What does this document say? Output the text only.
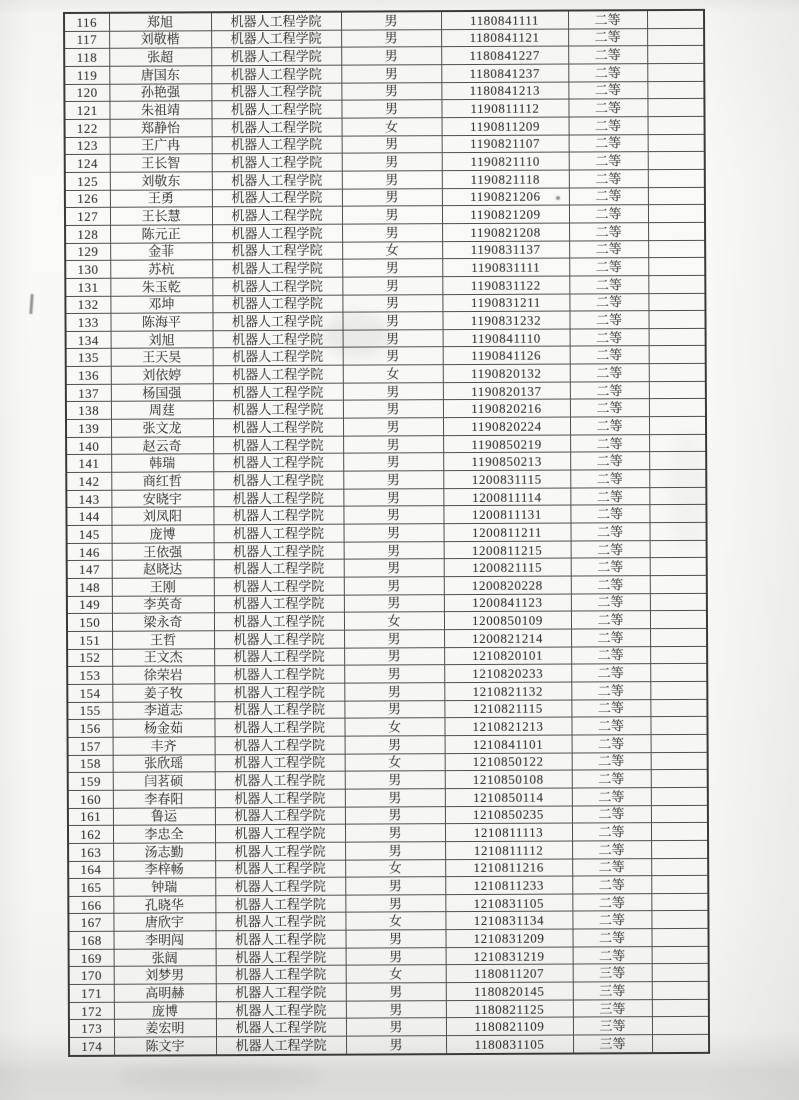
116	郑旭	机器人工程学院	男	1180841111	二等	
117	刘敬楷	机器人工程学院	男	1180841121	二等	
118	张超	机器人工程学院	男	1180841227	二等	
119	唐国东	机器人工程学院	男	1180841237	二等	
120	孙艳强	机器人工程学院	男	1180841213	二等	
121	朱祖靖	机器人工程学院	男	1190811112	二等	
122	郑静怡	机器人工程学院	女	1190811209	二等	
123	王广冉	机器人工程学院	男	1190821107	二等	
124	王长智	机器人工程学院	男	1190821110	二等	
125	刘敬东	机器人工程学院	男	1190821118	二等	
126	王勇	机器人工程学院	男	1190821206	二等	
127	王长慧	机器人工程学院	男	1190821209	二等	
128	陈元正	机器人工程学院	男	1190821208	二等	
129	金菲	机器人工程学院	女	1190831137	二等	
130	苏杭	机器人工程学院	男	1190831111	二等	
131	朱玉乾	机器人工程学院	男	1190831122	二等	
132	邓坤	机器人工程学院	男	1190831211	二等	
133	陈海平	机器人工程学院	男	1190831232	二等	
134	刘旭	机器人工程学院	男	1190841110	二等	
135	王天昊	机器人工程学院	男	1190841126	二等	
136	刘依婷	机器人工程学院	女	1190820132	二等	
137	杨国强	机器人工程学院	男	1190820137	二等	
138	周莛	机器人工程学院	男	1190820216	二等	
139	张文龙	机器人工程学院	男	1190820224	二等	
140	赵云奇	机器人工程学院	男	1190850219	二等	
141	韩瑞	机器人工程学院	男	1190850213	二等	
142	商红哲	机器人工程学院	男	1200831115	二等	
143	安晓宇	机器人工程学院	男	1200811114	二等	
144	刘凤阳	机器人工程学院	男	1200811131	二等	
145	庞博	机器人工程学院	男	1200811211	二等	
146	王依强	机器人工程学院	男	1200811215	二等	
147	赵晓达	机器人工程学院	男	1200821115	二等	
148	王刚	机器人工程学院	男	1200820228	二等	
149	李英奇	机器人工程学院	男	1200841123	二等	
150	梁永奇	机器人工程学院	女	1200850109	二等	
151	王哲	机器人工程学院	男	1200821214	二等	
152	王文杰	机器人工程学院	男	1210820101	二等	
153	徐荣岩	机器人工程学院	男	1210820233	二等	
154	姜子牧	机器人工程学院	男	1210821132	二等	
155	李道志	机器人工程学院	男	1210821115	二等	
156	杨金茹	机器人工程学院	女	1210821213	二等	
157	丰齐	机器人工程学院	男	1210841101	二等	
158	张欣瑶	机器人工程学院	女	1210850122	二等	
159	闫茗硕	机器人工程学院	男	1210850108	二等	
160	李春阳	机器人工程学院	男	1210850114	二等	
161	鲁运	机器人工程学院	男	1210850235	二等	
162	李忠全	机器人工程学院	男	1210811113	二等	
163	汤志勤	机器人工程学院	男	1210811112	二等	
164	李梓畅	机器人工程学院	女	1210811216	二等	
165	钟瑞	机器人工程学院	男	1210811233	二等	
166	孔晓华	机器人工程学院	男	1210831105	二等	
167	唐欣宇	机器人工程学院	女	1210831134	二等	
168	李明闯	机器人工程学院	男	1210831209	二等	
169	张阔	机器人工程学院	男	1210831219	二等	
170	刘梦男	机器人工程学院	女	1180811207	三等	
171	高明赫	机器人工程学院	男	1180820145	三等	
172	庞博	机器人工程学院	男	1180821125	三等	
173	姜宏明	机器人工程学院	男	1180821109	三等	
174	陈文宇	机器人工程学院	男	1180831105	三等	
